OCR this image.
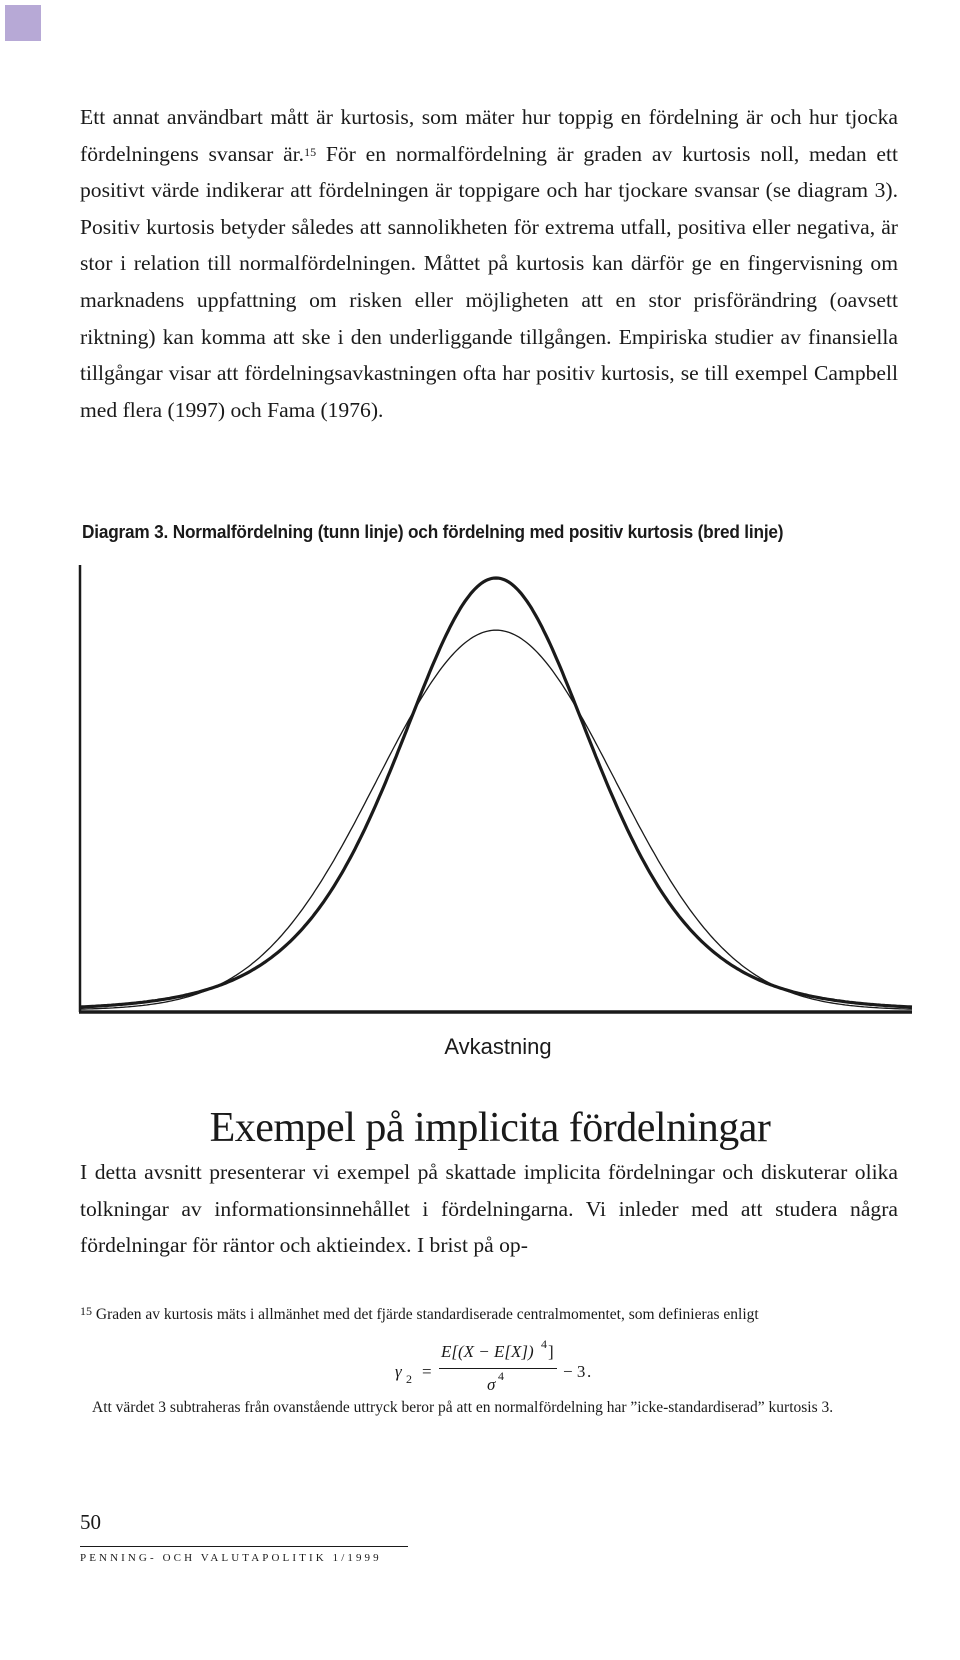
Ett annat användbart mått är kurtosis, som mäter hur toppig en fördelning är och hur tjocka fördelningens svansar är.$^{15}$ För en normalfördelning är graden av kurtosis noll, medan ett positivt värde indikerar att fördelningen är toppigare och har tjockare svansar (se diagram 3). Positiv kurtosis betyder således att sannolikheten för extrema utfall, positiva eller negativa, är stor i relation till normalfördelningen. Måttet på kurtosis kan därför ge en fingervisning om marknadens uppfattning om risken eller möjligheten att en stor prisförändring (oavsett riktning) kan komma att ske i den underliggande tillgången. Empiriska studier av finansiella tillgångar visar att fördelningsavkastningen ofta har positiv kurtosis, se till exempel Campbell med flera (1997) och Fama (1976).

Diagram 3. Normalfördelning (tunn linje) och fördelning med positiv kurtosis (bred linje)
Avkastning
Exempel på implicita fördelningar

I detta avsnitt presenterar vi exempel på skattade implicita fördelningar och diskuterar olika tolkningar av informationsinnehållet i fördelningarna. Vi inleder med att studera några fördelningar för räntor och aktieindex. I brist på op-

$^{15}$ Graden av kurtosis mäts i allmänhet med det fjärde standardiserade centralmomentet, som definieras enligt
γ 2 =
E[(X − E[X]) 4 ]
σ 4	− 3 .

Att värdet 3 subtraheras från ovanstående uttryck beror på att en normalfördelning har ”icke-standardiserad” kurtosis 3.

50
PENNING- OCH VALUTAPOLITIK 1/1999
